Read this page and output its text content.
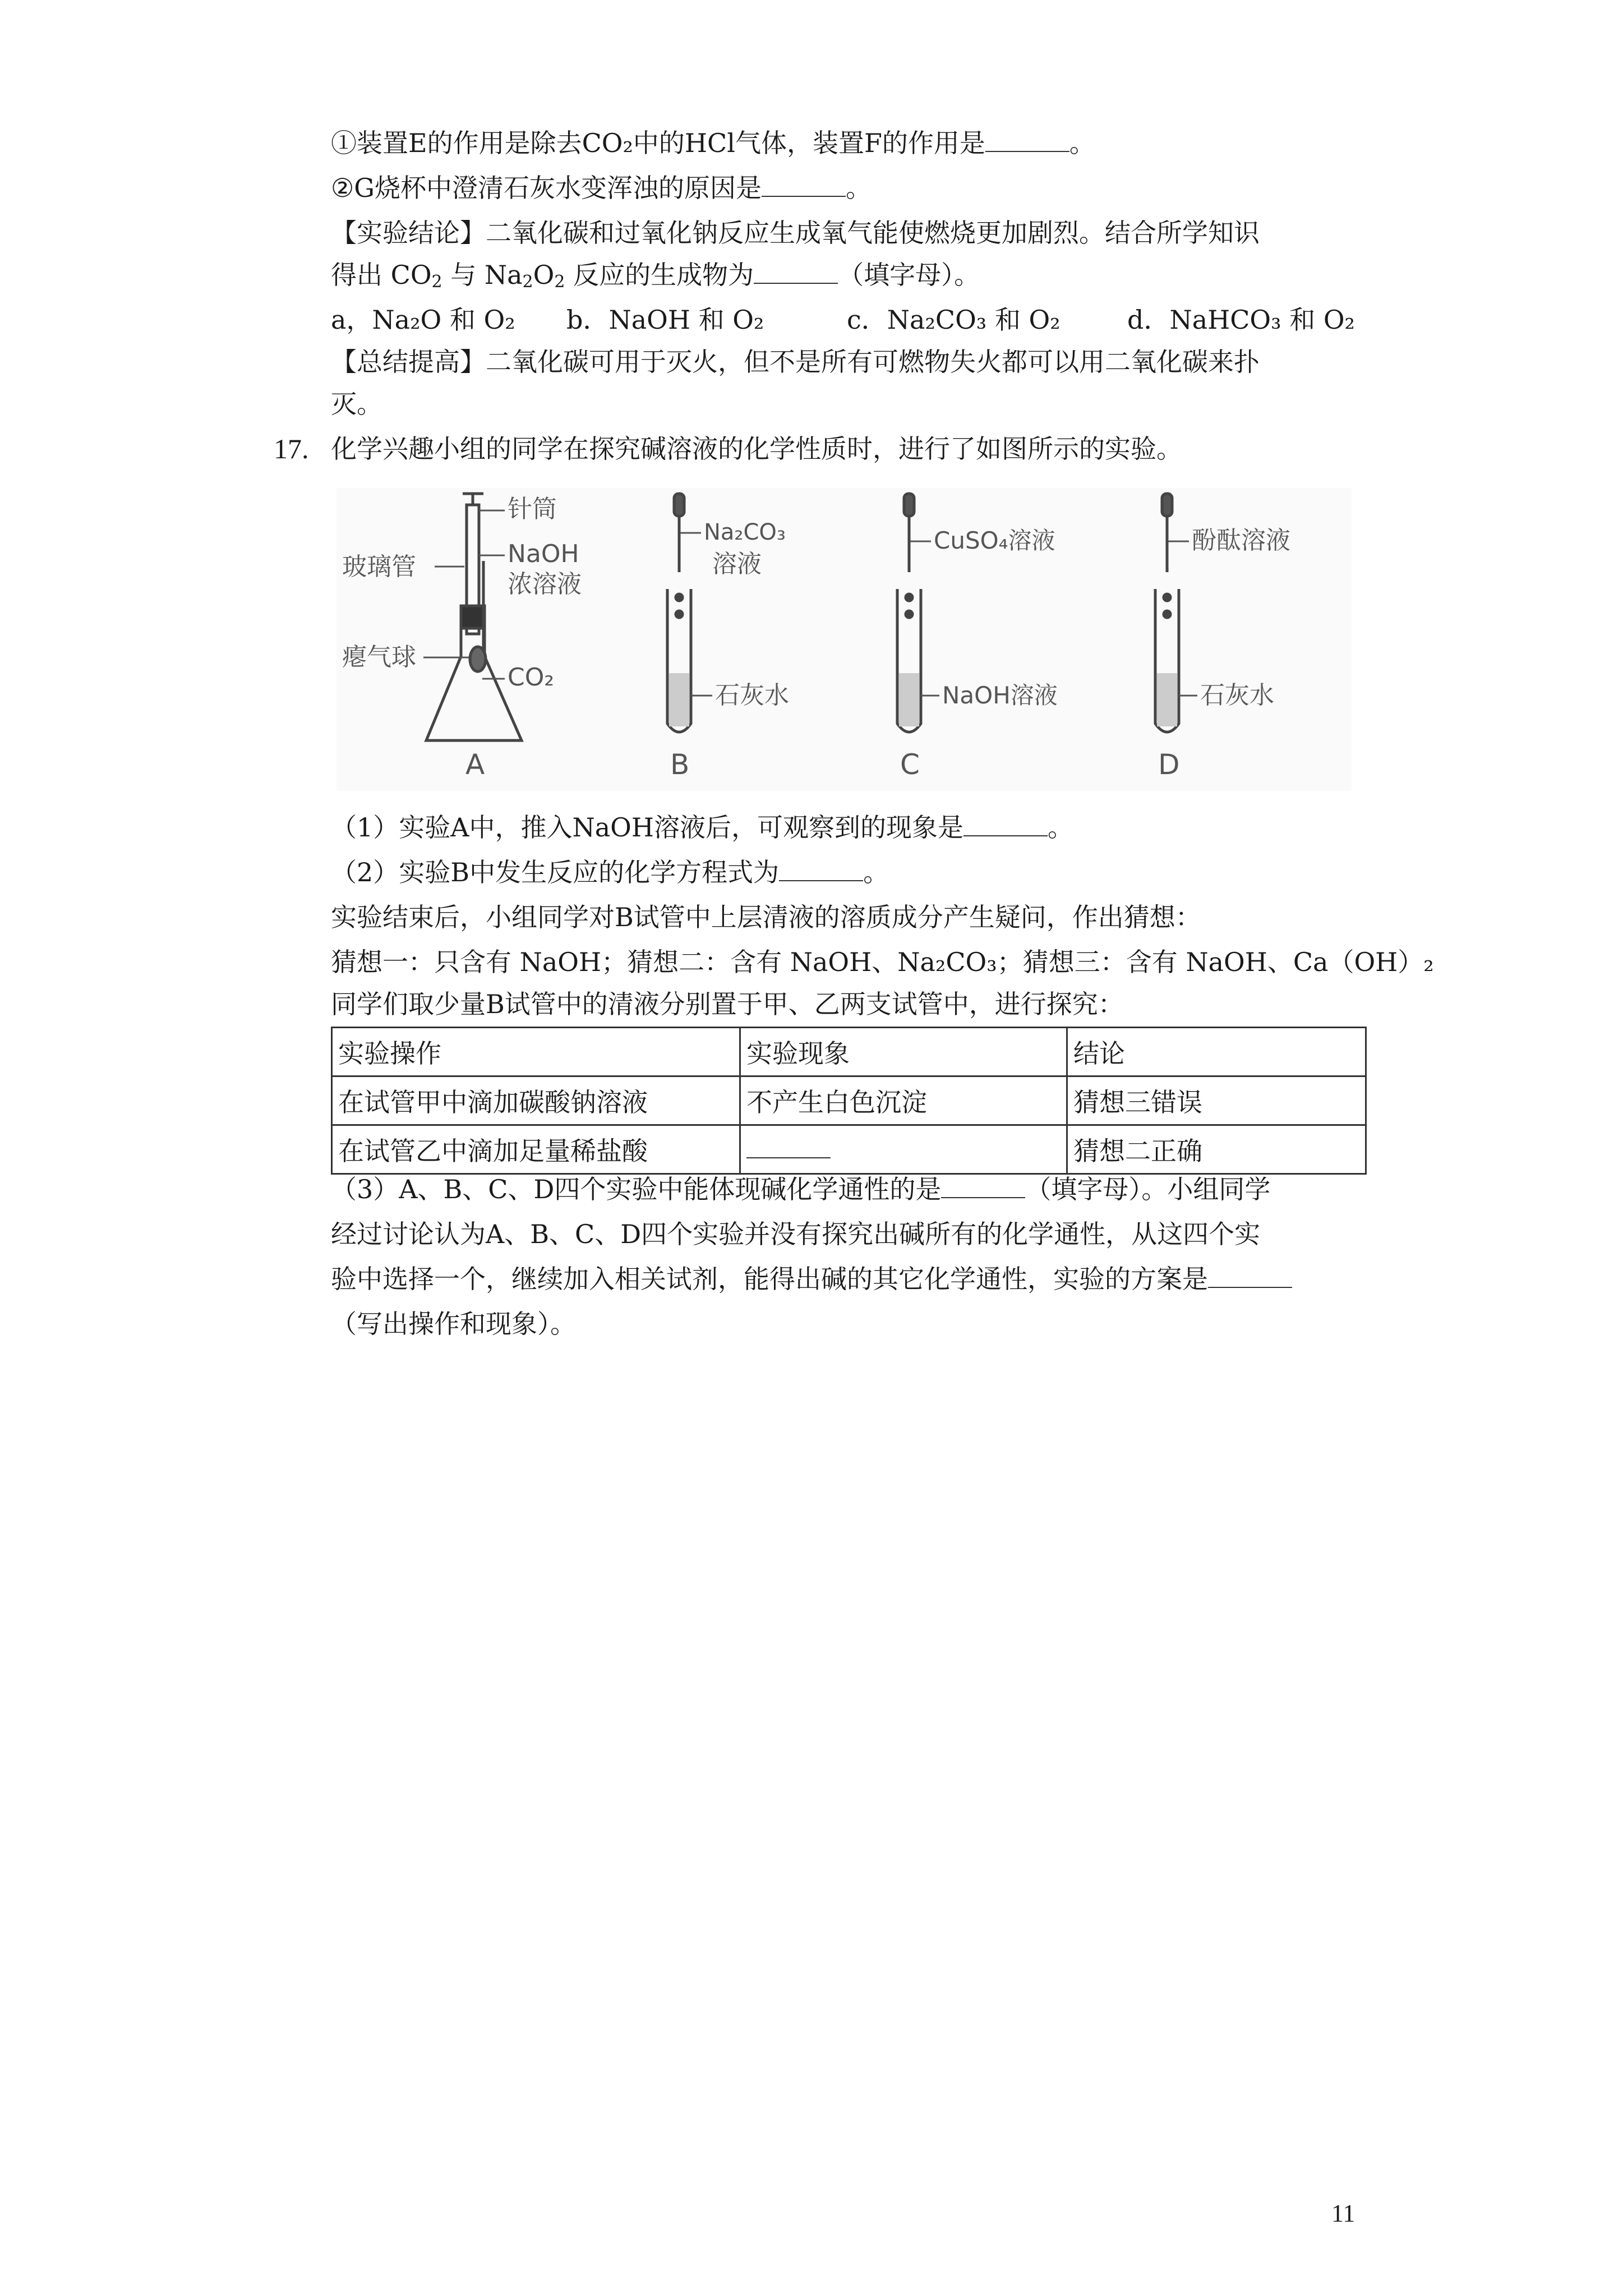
①装置E的作用是除去CO₂中的HCl气体，装置F的作用是	。
②G烧杯中澄清石灰水变浑浊的原因是	。
【实验结论】二氧化碳和过氧化钠反应生成氧气能使燃烧更加剧烈。结合所学知识
得出 $CO_2$ 与 $Na_2O_2$ 反应的生成物为	（填字母）。
a，Na₂O 和 O₂ b．NaOH 和 O₂	c．Na₂CO₃ 和 O₂	d．NaHCO₃ 和 O₂
【总结提高】二氧化碳可用于灭火，但不是所有可燃物失火都可以用二氧化碳来扑
灭。
17. 化学兴趣小组的同学在探究碱溶液的化学性质时，进行了如图所示的实验。
针筒
玻璃管	NaOH
浓溶液
瘪气球
CO₂
A
Na₂CO₃
溶液
石灰水
B
CuSO₄溶液
NaOH溶液
C
酚酞溶液
石灰水
D
（1）实验A中，推入NaOH溶液后，可观察到的现象是	。
（2）实验B中发生反应的化学方程式为	。
实验结束后，小组同学对B试管中上层清液的溶质成分产生疑问，作出猜想：
猜想一：只含有 NaOH；猜想二：含有 NaOH、Na₂CO₃；猜想三：含有 NaOH、Ca（OH）₂
同学们取少量B试管中的清液分别置于甲、乙两支试管中，进行探究：
实验操作	实验现象	结论
在试管甲中滴加碳酸钠溶液	不产生白色沉淀	猜想三错误
在试管乙中滴加足量稀盐酸		猜想二正确
（3）A、B、C、D四个实验中能体现碱化学通性的是	（填字母）。小组同学
经过讨论认为A、B、C、D四个实验并没有探究出碱所有的化学通性，从这四个实
验中选择一个，继续加入相关试剂，能得出碱的其它化学通性，实验的方案是
（写出操作和现象）。
11
